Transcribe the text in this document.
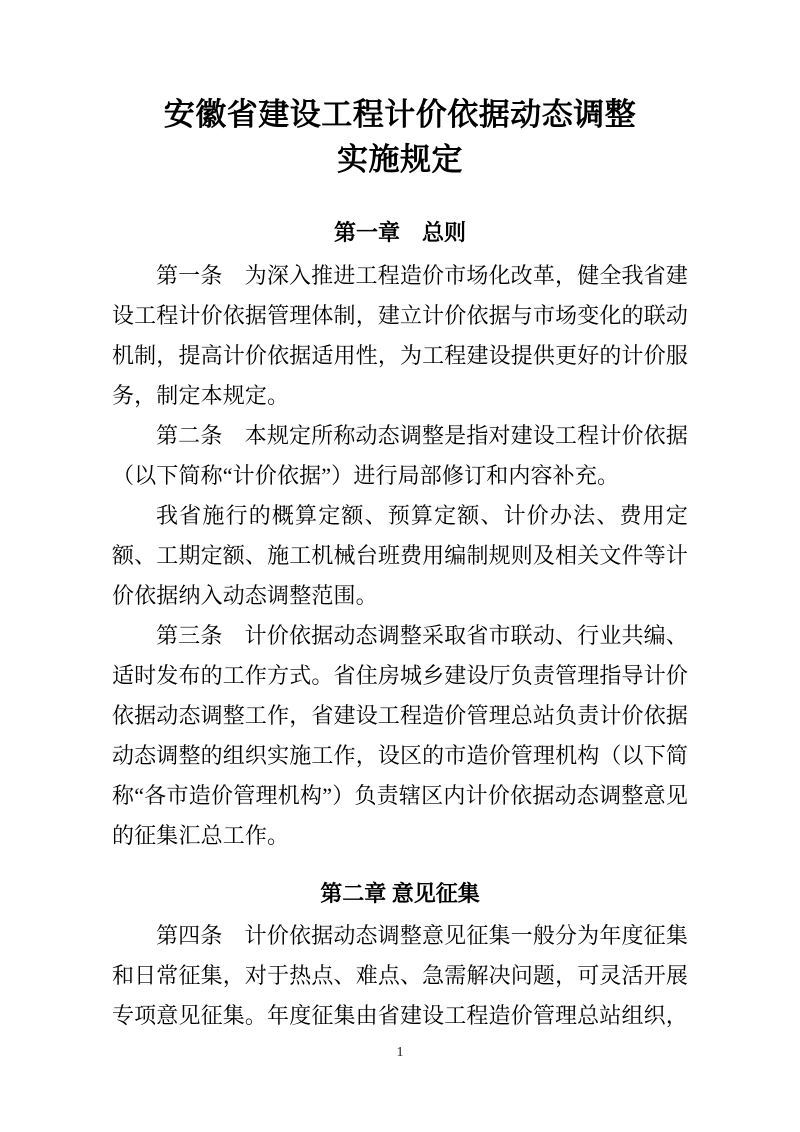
安徽省建设工程计价依据动态调整
实施规定
第一章　总则

第一条　为深入推进工程造价市场化改革，健全我省建设工程计价依据管理体制，建立计价依据与市场变化的联动机制，提高计价依据适用性，为工程建设提供更好的计价服务，制定本规定。

第二条　本规定所称动态调整是指对建设工程计价依据（以下简称“计价依据”）进行局部修订和内容补充。

我省施行的概算定额、预算定额、计价办法、费用定额、工期定额、施工机械台班费用编制规则及相关文件等计价依据纳入动态调整范围。

第三条　计价依据动态调整采取省市联动、行业共编、适时发布的工作方式。省住房城乡建设厅负责管理指导计价依据动态调整工作，省建设工程造价管理总站负责计价依据动态调整的组织实施工作，设区的市造价管理机构（以下简称“各市造价管理机构”）负责辖区内计价依据动态调整意见的征集汇总工作。

第二章 意见征集

第四条　计价依据动态调整意见征集一般分为年度征集和日常征集，对于热点、难点、急需解决问题，可灵活开展专项意见征集。年度征集由省建设工程造价管理总站组织，

1
